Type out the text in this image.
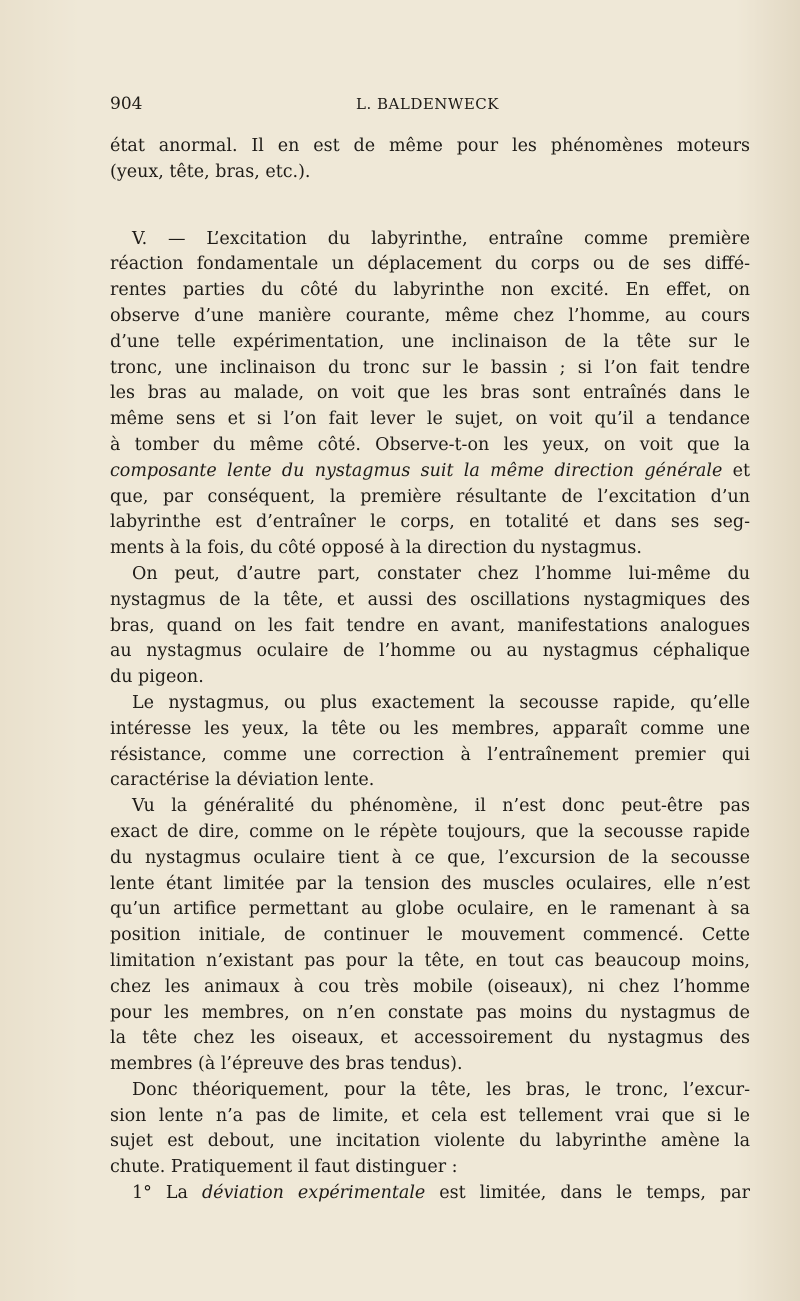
904	L. BALDENWECK
état anormal. Il en est de même pour les phénomènes moteurs
(yeux, tête, bras, etc.).
V. — L’excitation du labyrinthe, entraîne comme première
réaction fondamentale un déplacement du corps ou de ses diffé-
rentes parties du côté du labyrinthe non excité. En effet, on
observe d’une manière courante, même chez l’homme, au cours
d’une telle expérimentation, une inclinaison de la tête sur le
tronc, une inclinaison du tronc sur le bassin ; si l’on fait tendre
les bras au malade, on voit que les bras sont entraînés dans le
même sens et si l’on fait lever le sujet, on voit qu’il a tendance
à tomber du même côté. Observe-t-on les yeux, on voit que la
composante lente du nystagmus suit la même direction générale et
que, par conséquent, la première résultante de l’excitation d’un
labyrinthe est d’entraîner le corps, en totalité et dans ses seg-
ments à la fois, du côté opposé à la direction du nystagmus.
On peut, d’autre part, constater chez l’homme lui-même du
nystagmus de la tête, et aussi des oscillations nystagmiques des
bras, quand on les fait tendre en avant, manifestations analogues
au nystagmus oculaire de l’homme ou au nystagmus céphalique
du pigeon.
Le nystagmus, ou plus exactement la secousse rapide, qu’elle
intéresse les yeux, la tête ou les membres, apparaît comme une
résistance, comme une correction à l’entraînement premier qui
caractérise la déviation lente.
Vu la généralité du phénomène, il n’est donc peut-être pas
exact de dire, comme on le répète toujours, que la secousse rapide
du nystagmus oculaire tient à ce que, l’excursion de la secousse
lente étant limitée par la tension des muscles oculaires, elle n’est
qu’un artifice permettant au globe oculaire, en le ramenant à sa
position initiale, de continuer le mouvement commencé. Cette
limitation n’existant pas pour la tête, en tout cas beaucoup moins,
chez les animaux à cou très mobile (oiseaux), ni chez l’homme
pour les membres, on n’en constate pas moins du nystagmus de
la tête chez les oiseaux, et accessoirement du nystagmus des
membres (à l’épreuve des bras tendus).
Donc théoriquement, pour la tête, les bras, le tronc, l’excur-
sion lente n’a pas de limite, et cela est tellement vrai que si le
sujet est debout, une incitation violente du labyrinthe amène la
chute. Pratiquement il faut distinguer :
1° La déviation expérimentale est limitée, dans le temps, par
